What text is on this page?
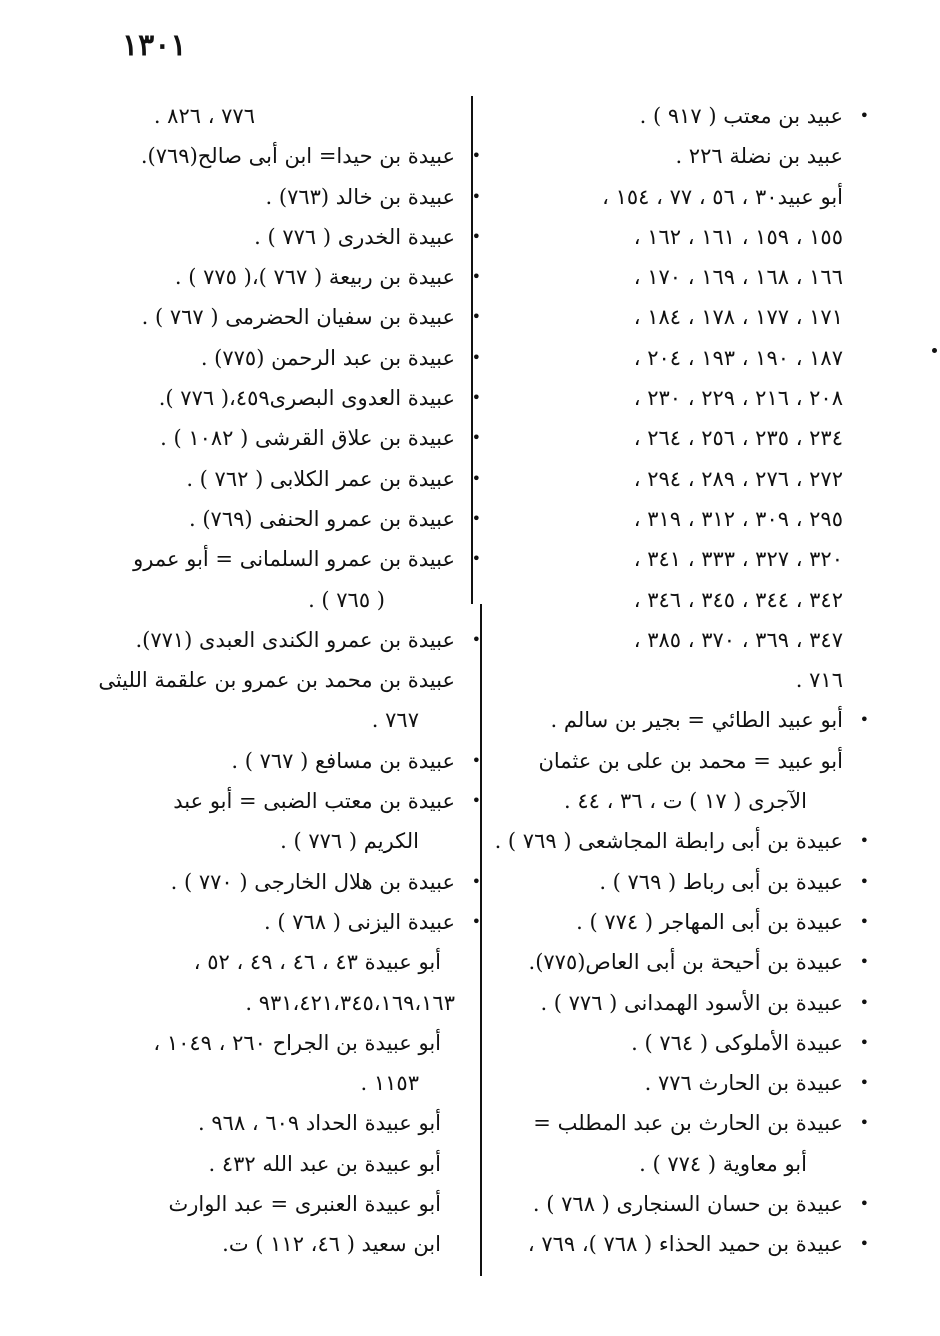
١٣٠١
• عبيد بن معتب ( ٩١٧ ) .
عبيد بن نضلة ٢٢٦ .
أبو عبيد٣٠ ، ٥٦ ، ٧٧ ، ١٥٤ ،
١٥٥ ، ١٥٩ ، ١٦١ ، ١٦٢ ،
١٦٦ ، ١٦٨ ، ١٦٩ ، ١٧٠ ،
١٧١ ، ١٧٧ ، ١٧٨ ، ١٨٤ ،
١٨٧ ، ١٩٠ ، ١٩٣ ، ٢٠٤ ،
٢٠٨ ، ٢١٦ ، ٢٢٩ ، ٢٣٠ ،
٢٣٤ ، ٢٣٥ ، ٢٥٦ ، ٢٦٤ ،
٢٧٢ ، ٢٧٦ ، ٢٨٩ ، ٢٩٤ ،
٢٩٥ ، ٣٠٩ ، ٣١٢ ، ٣١٩ ،
٣٢٠ ، ٣٢٧ ، ٣٣٣ ، ٣٤١ ،
٣٤٢ ، ٣٤٤ ، ٣٤٥ ، ٣٤٦ ،
٣٤٧ ، ٣٦٩ ، ٣٧٠ ، ٣٨٥ ،
٧١٦ .
• أبو عبيد الطائي = بجير بن سالم .
أبو عبيد = محمد بن على بن عثمان
الآجرى ( ١٧ ) ت ، ٣٦ ، ٤٤ .
• عبيدة بن أبى رابطة المجاشعى ( ٧٦٩ ) .
• عبيدة بن أبى رباط ( ٧٦٩ ) .
• عبيدة بن أبى المهاجر ( ٧٧٤ ) .
• عبيدة بن أحيحة بن أبى العاص(٧٧٥).
• عبيدة بن الأسود الهمدانى ( ٧٧٦ ) .
• عبيدة الأملوكى ( ٧٦٤ ) .
• عبيدة بن الحارث ٧٧٦ .
• عبيدة بن الحارث بن عبد المطلب =
أبو معاوية ( ٧٧٤ ) .
• عبيدة بن حسان السنجارى ( ٧٦٨ ) .
• عبيدة بن حميد الحذاء ( ٧٦٨ )، ٧٦٩ ،
٧٧٦ ، ٨٢٦ .
• عبيدة بن حيدا= ابن أبى صالح(٧٦٩).
• عبيدة بن خالد (٧٦٣) .
• عبيدة الخدرى ( ٧٧٦ ) .
• عبيدة بن ربيعة ( ٧٦٧ )،( ٧٧٥ ) .
• عبيدة بن سفيان الحضرمى ( ٧٦٧ ) .
• عبيدة بن عبد الرحمن (٧٧٥) .
• عبيدة العدوى البصرى٤٥٩،( ٧٧٦ ).
• عبيدة بن علاق القرشى ( ١٠٨٢ ) .
• عبيدة بن عمر الكلابى ( ٧٦٢ ) .
• عبيدة بن عمرو الحنفى (٧٦٩) .
• عبيدة بن عمرو السلمانى = أبو عمرو
( ٧٦٥ ) .
• عبيدة بن عمرو الكندى العبدى (٧٧١).
عبيدة بن محمد بن عمرو بن علقمة الليثى
٧٦٧ .
• عبيدة بن مسافع ( ٧٦٧ ) .
• عبيدة بن معتب الضبى = أبو عبد
الكريم ( ٧٧٦ ) .
• عبيدة بن هلال الخارجى ( ٧٧٠ ) .
• عبيدة اليزنى ( ٧٦٨ ) .
أبو عبيدة ٤٣ ، ٤٦ ، ٤٩ ، ٥٢ ،
٩٣١،٤٢١،٣٤٥،١٦٩،١٦٣ .
أبو عبيدة بن الجراح ٢٦٠ ، ١٠٤٩ ،
١١٥٣ .
أبو عبيدة الحداد ٦٠٩ ، ٩٦٨ .
أبو عبيدة بن عبد الله ٤٣٢ .
أبو عبيدة العنبرى = عبد الوارث
ابن سعيد ( ٤٦، ١١٢ ) ت.
